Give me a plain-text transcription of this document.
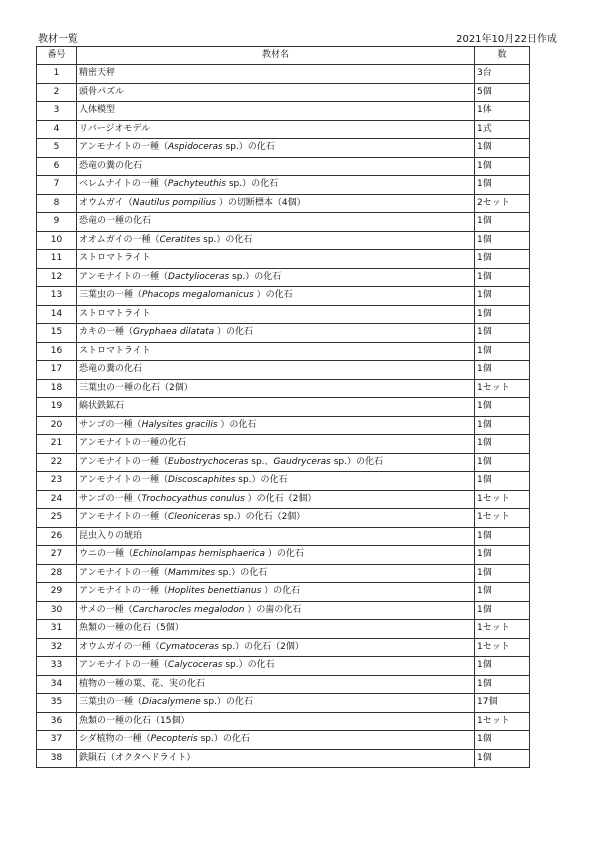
教材一覧	2021年10月22日作成
番号	教材名	数
1	精密天秤	3台
2	頭骨パズル	5個
3	人体模型	1体
4	リバージオモデル	1式
5	アンモナイトの一種（Aspidoceras sp.）の化石	1個
6	恐竜の糞の化石	1個
7	ベレムナイトの一種（Pachyteuthis sp.）の化石	1個
8	オウムガイ（Nautilus pompilius ）の切断標本（4個）	2セット
9	恐竜の一種の化石	1個
10	オオムガイの一種（Ceratites sp.）の化石	1個
11	ストロマトライト	1個
12	アンモナイトの一種（Dactylioceras sp.）の化石	1個
13	三葉虫の一種（Phacops megalomanicus ）の化石	1個
14	ストロマトライト	1個
15	カキの一種（Gryphaea dilatata ）の化石	1個
16	ストロマトライト	1個
17	恐竜の糞の化石	1個
18	三葉虫の一種の化石（2個）	1セット
19	縞状鉄鉱石	1個
20	サンゴの一種（Halysites gracilis ）の化石	1個
21	アンモナイトの一種の化石	1個
22	アンモナイトの一種（Eubostrychoceras sp.、Gaudryceras sp.）の化石	1個
23	アンモナイトの一種（Discoscaphites sp.）の化石	1個
24	サンゴの一種（Trochocyathus conulus ）の化石（2個）	1セット
25	アンモナイトの一種（Cleoniceras sp.）の化石（2個）	1セット
26	昆虫入りの琥珀	1個
27	ウニの一種（Echinolampas hemisphaerica ）の化石	1個
28	アンモナイトの一種（Mammites sp.）の化石	1個
29	アンモナイトの一種（Hoplites benettianus ）の化石	1個
30	サメの一種（Carcharocles megalodon ）の歯の化石	1個
31	魚類の一種の化石（5個）	1セット
32	オウムガイの一種（Cymatoceras sp.）の化石（2個）	1セット
33	アンモナイトの一種（Calycoceras sp.）の化石	1個
34	植物の一種の葉、花、実の化石	1個
35	三葉虫の一種（Diacalymene sp.）の化石	17個
36	魚類の一種の化石（15個）	1セット
37	シダ植物の一種（Pecopteris sp.）の化石	1個
38	鉄隕石（オクタヘドライト）	1個
